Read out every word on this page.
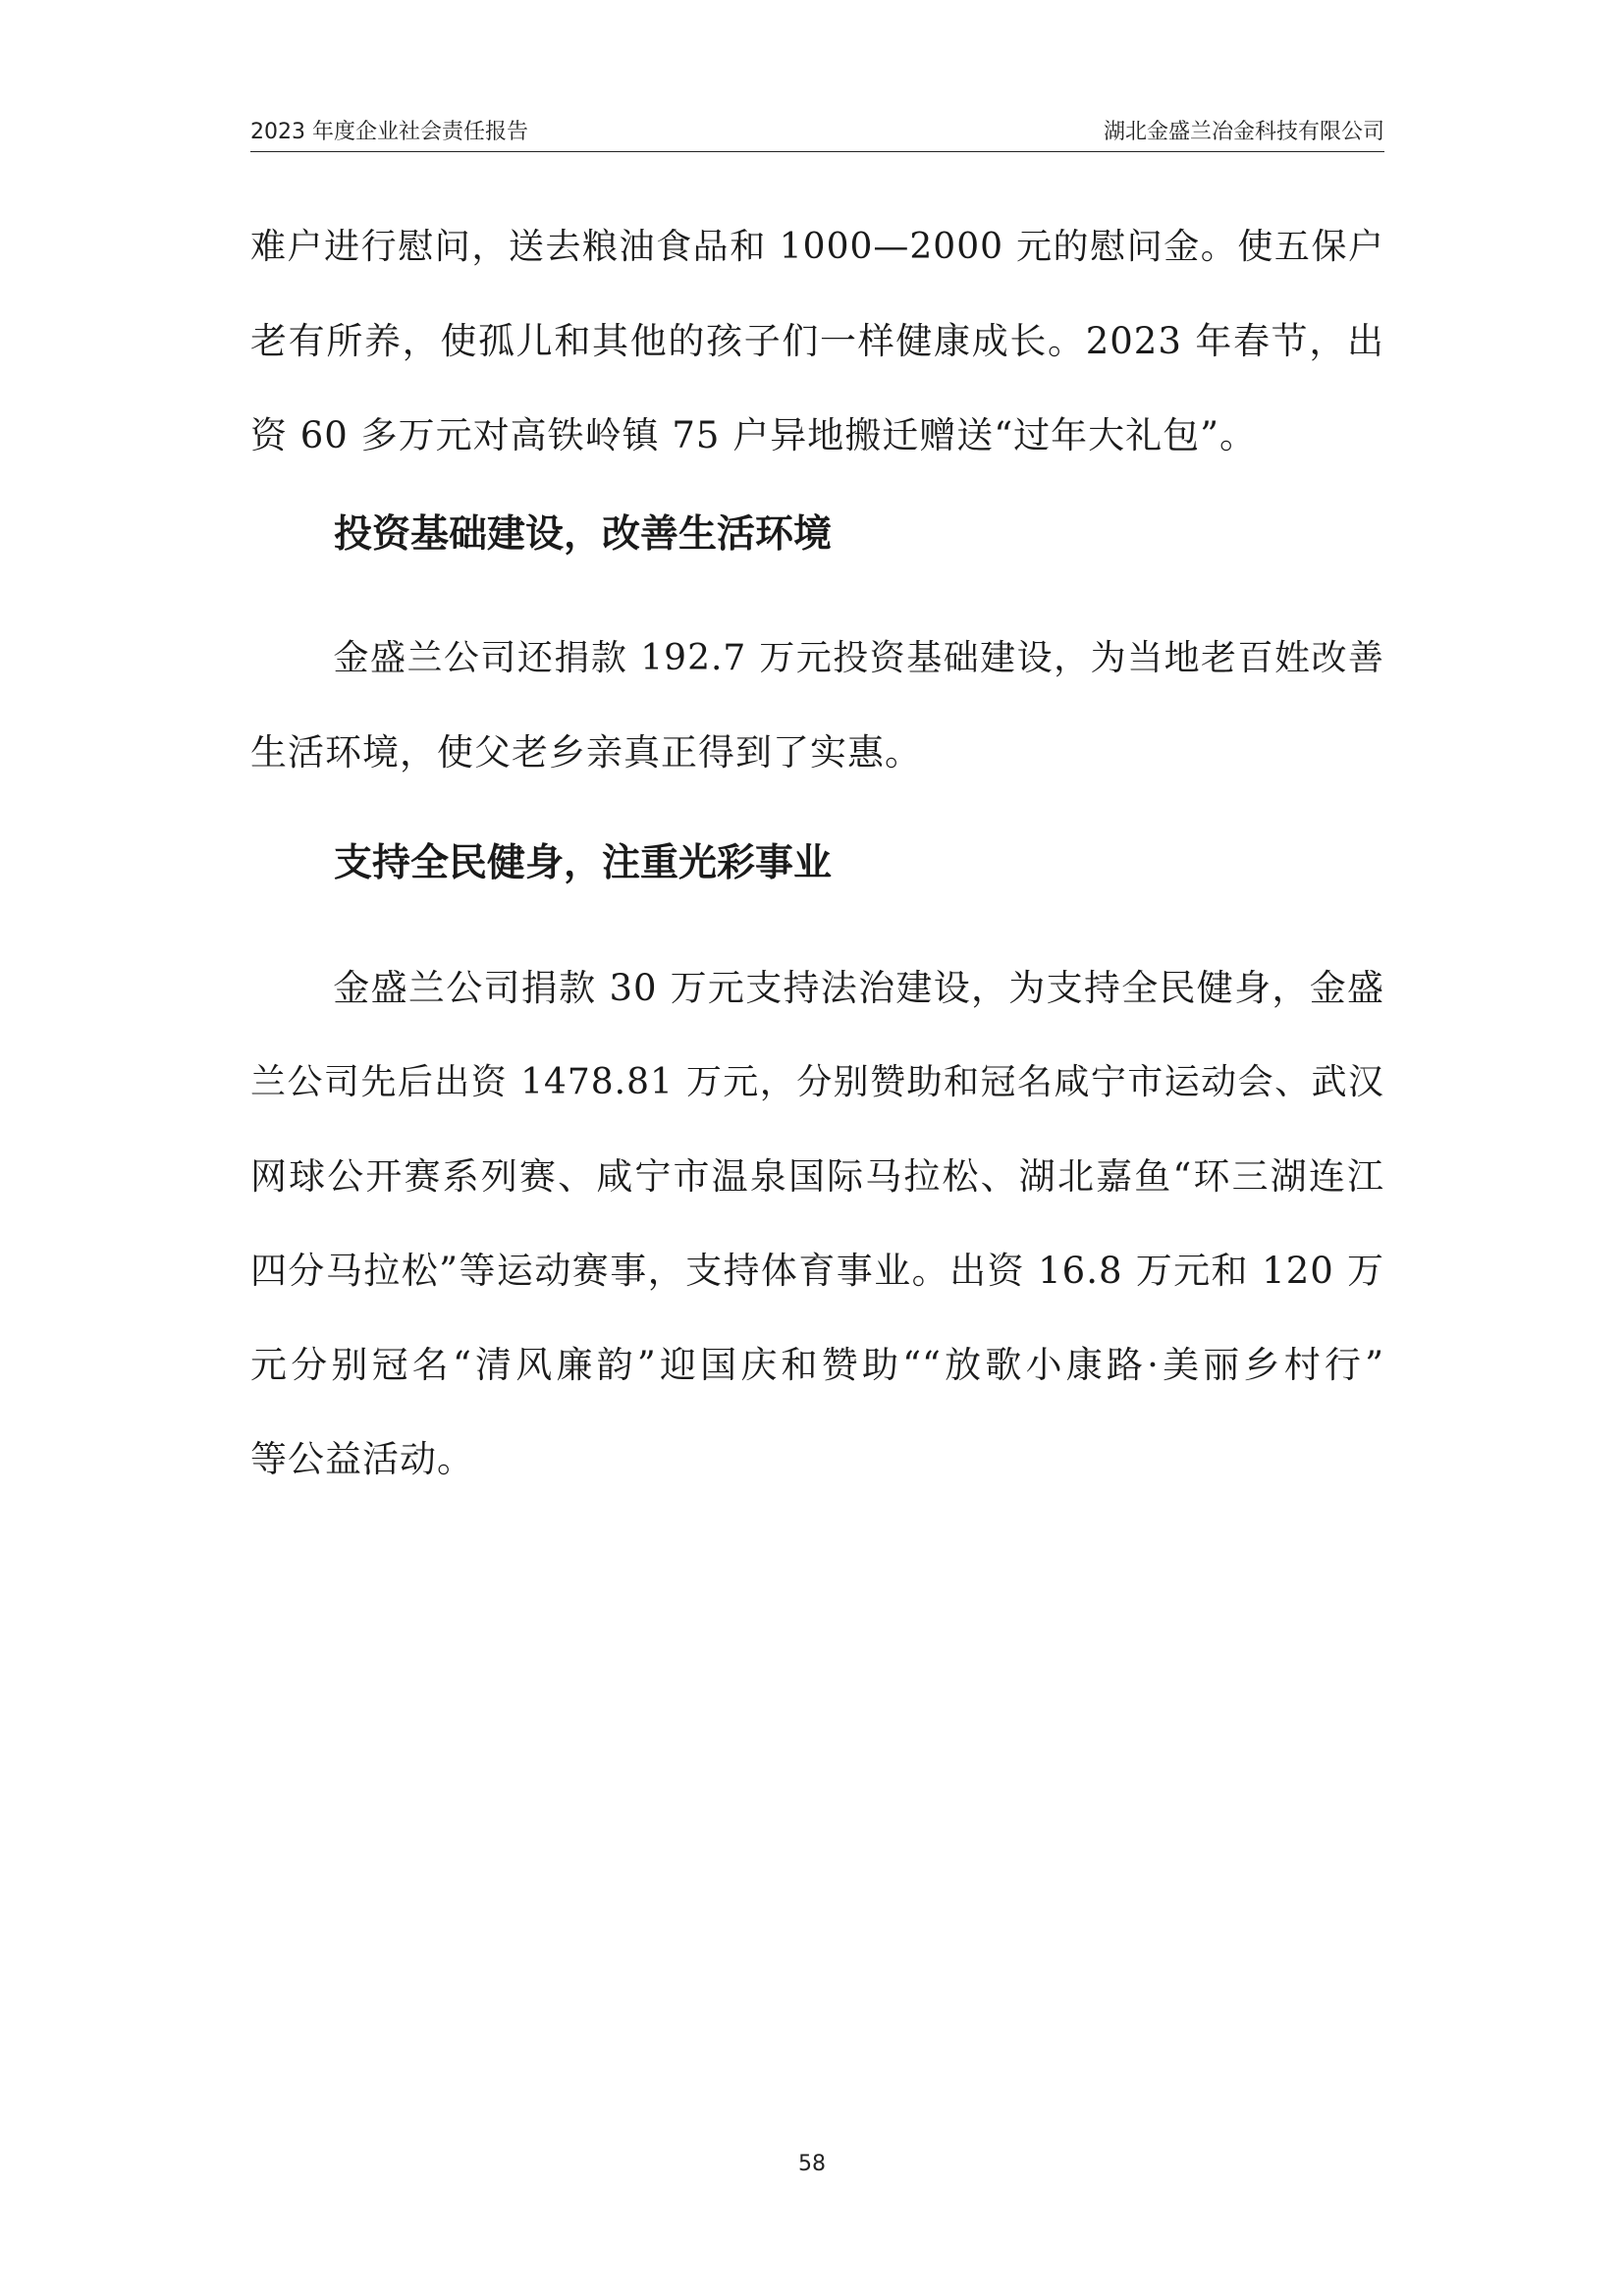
2023 年度企业社会责任报告	湖北金盛兰冶金科技有限公司

难户进行慰问，送去粮油食品和 1000—2000 元的慰问金。使五保户

老有所养，使孤儿和其他的孩子们一样健康成长。2023 年春节，出

资 60 多万元对高铁岭镇 75 户异地搬迁赠送“过年大礼包”。

投资基础建设，改善生活环境

金盛兰公司还捐款 192.7 万元投资基础建设，为当地老百姓改善

生活环境，使父老乡亲真正得到了实惠。

支持全民健身，注重光彩事业

金盛兰公司捐款 30 万元支持法治建设，为支持全民健身，金盛

兰公司先后出资 1478.81 万元，分别赞助和冠名咸宁市运动会、武汉

网球公开赛系列赛、咸宁市温泉国际马拉松、湖北嘉鱼“环三湖连江

四分马拉松”等运动赛事，支持体育事业。出资 16.8 万元和 120 万

元分别冠名“清风廉韵”迎国庆和赞助““放歌小康路·美丽乡村行”

等公益活动。

58
